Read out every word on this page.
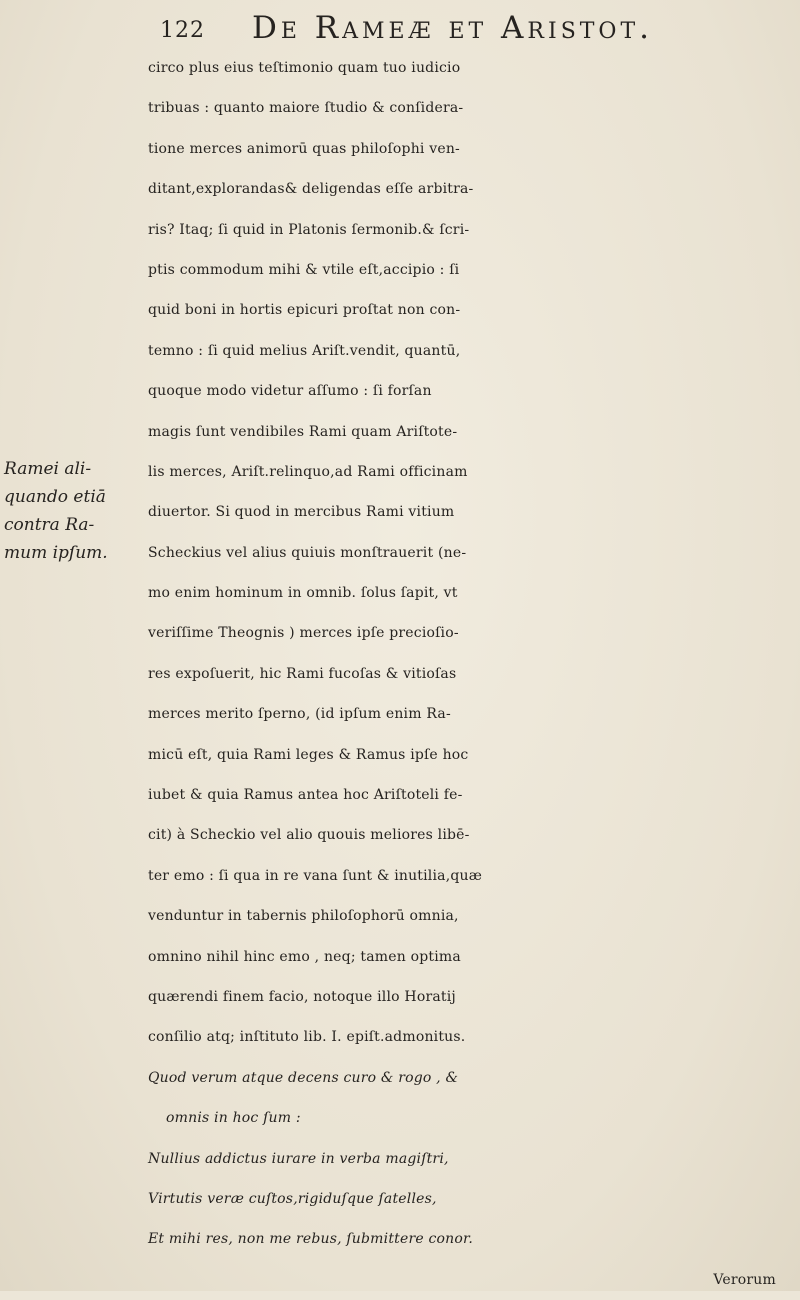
122 De Rameæ et Aristot.
Ramei ali-
quando etiā
contra Ra-
mum ipſum.
circo plus eius teſtimonio quam tuo iudicio
tribuas : quanto maiore ſtudio & conſidera-
tione merces animorū quas philoſophi ven-
ditant,explorandas& deligendas eſſe arbitra-
ris? Itaq; ſi quid in Platonis ſermonib.& ſcri-
ptis commodum mihi & vtile eſt,accipio : ſi
quid boni in hortis epicuri proſtat non con-
temno : ſi quid melius Ariſt.vendit, quantū,
quoque modo videtur aſſumo : ſi forſan
magis ſunt vendibiles Rami quam Ariſtote-
lis merces, Ariſt.relinquo,ad Rami officinam
diuertor. Si quod in mercibus Rami vitium
Scheckius vel alius quiuis monſtrauerit (ne-
mo enim hominum in omnib. ſolus ſapit, vt
veriſſime Theognis ) merces ipſe precioſio-
res expoſuerit, hic Rami fucoſas & vitioſas
merces merito ſperno, (id ipſum enim Ra-
micū eſt, quia Rami leges & Ramus ipſe hoc
iubet & quia Ramus antea hoc Ariſtoteli fe-
cit) à Scheckio vel alio quouis meliores libē-
ter emo : ſi qua in re vana ſunt & inutilia,quæ
venduntur in tabernis philoſophorū omnia,
omnino nihil hinc emo , neq; tamen optima
quærendi finem facio, notoque illo Horatij
conſilio atq; inſtituto lib. I. epiſt.admonitus.
Quod verum atque decens curo & rogo , &
omnis in hoc ſum :
Nullius addictus iurare in verba magiſtri,
Virtutis veræ cuſtos,rigiduſque ſatelles,
Et mihi res, non me rebus, ſubmittere conor.
Verorum
